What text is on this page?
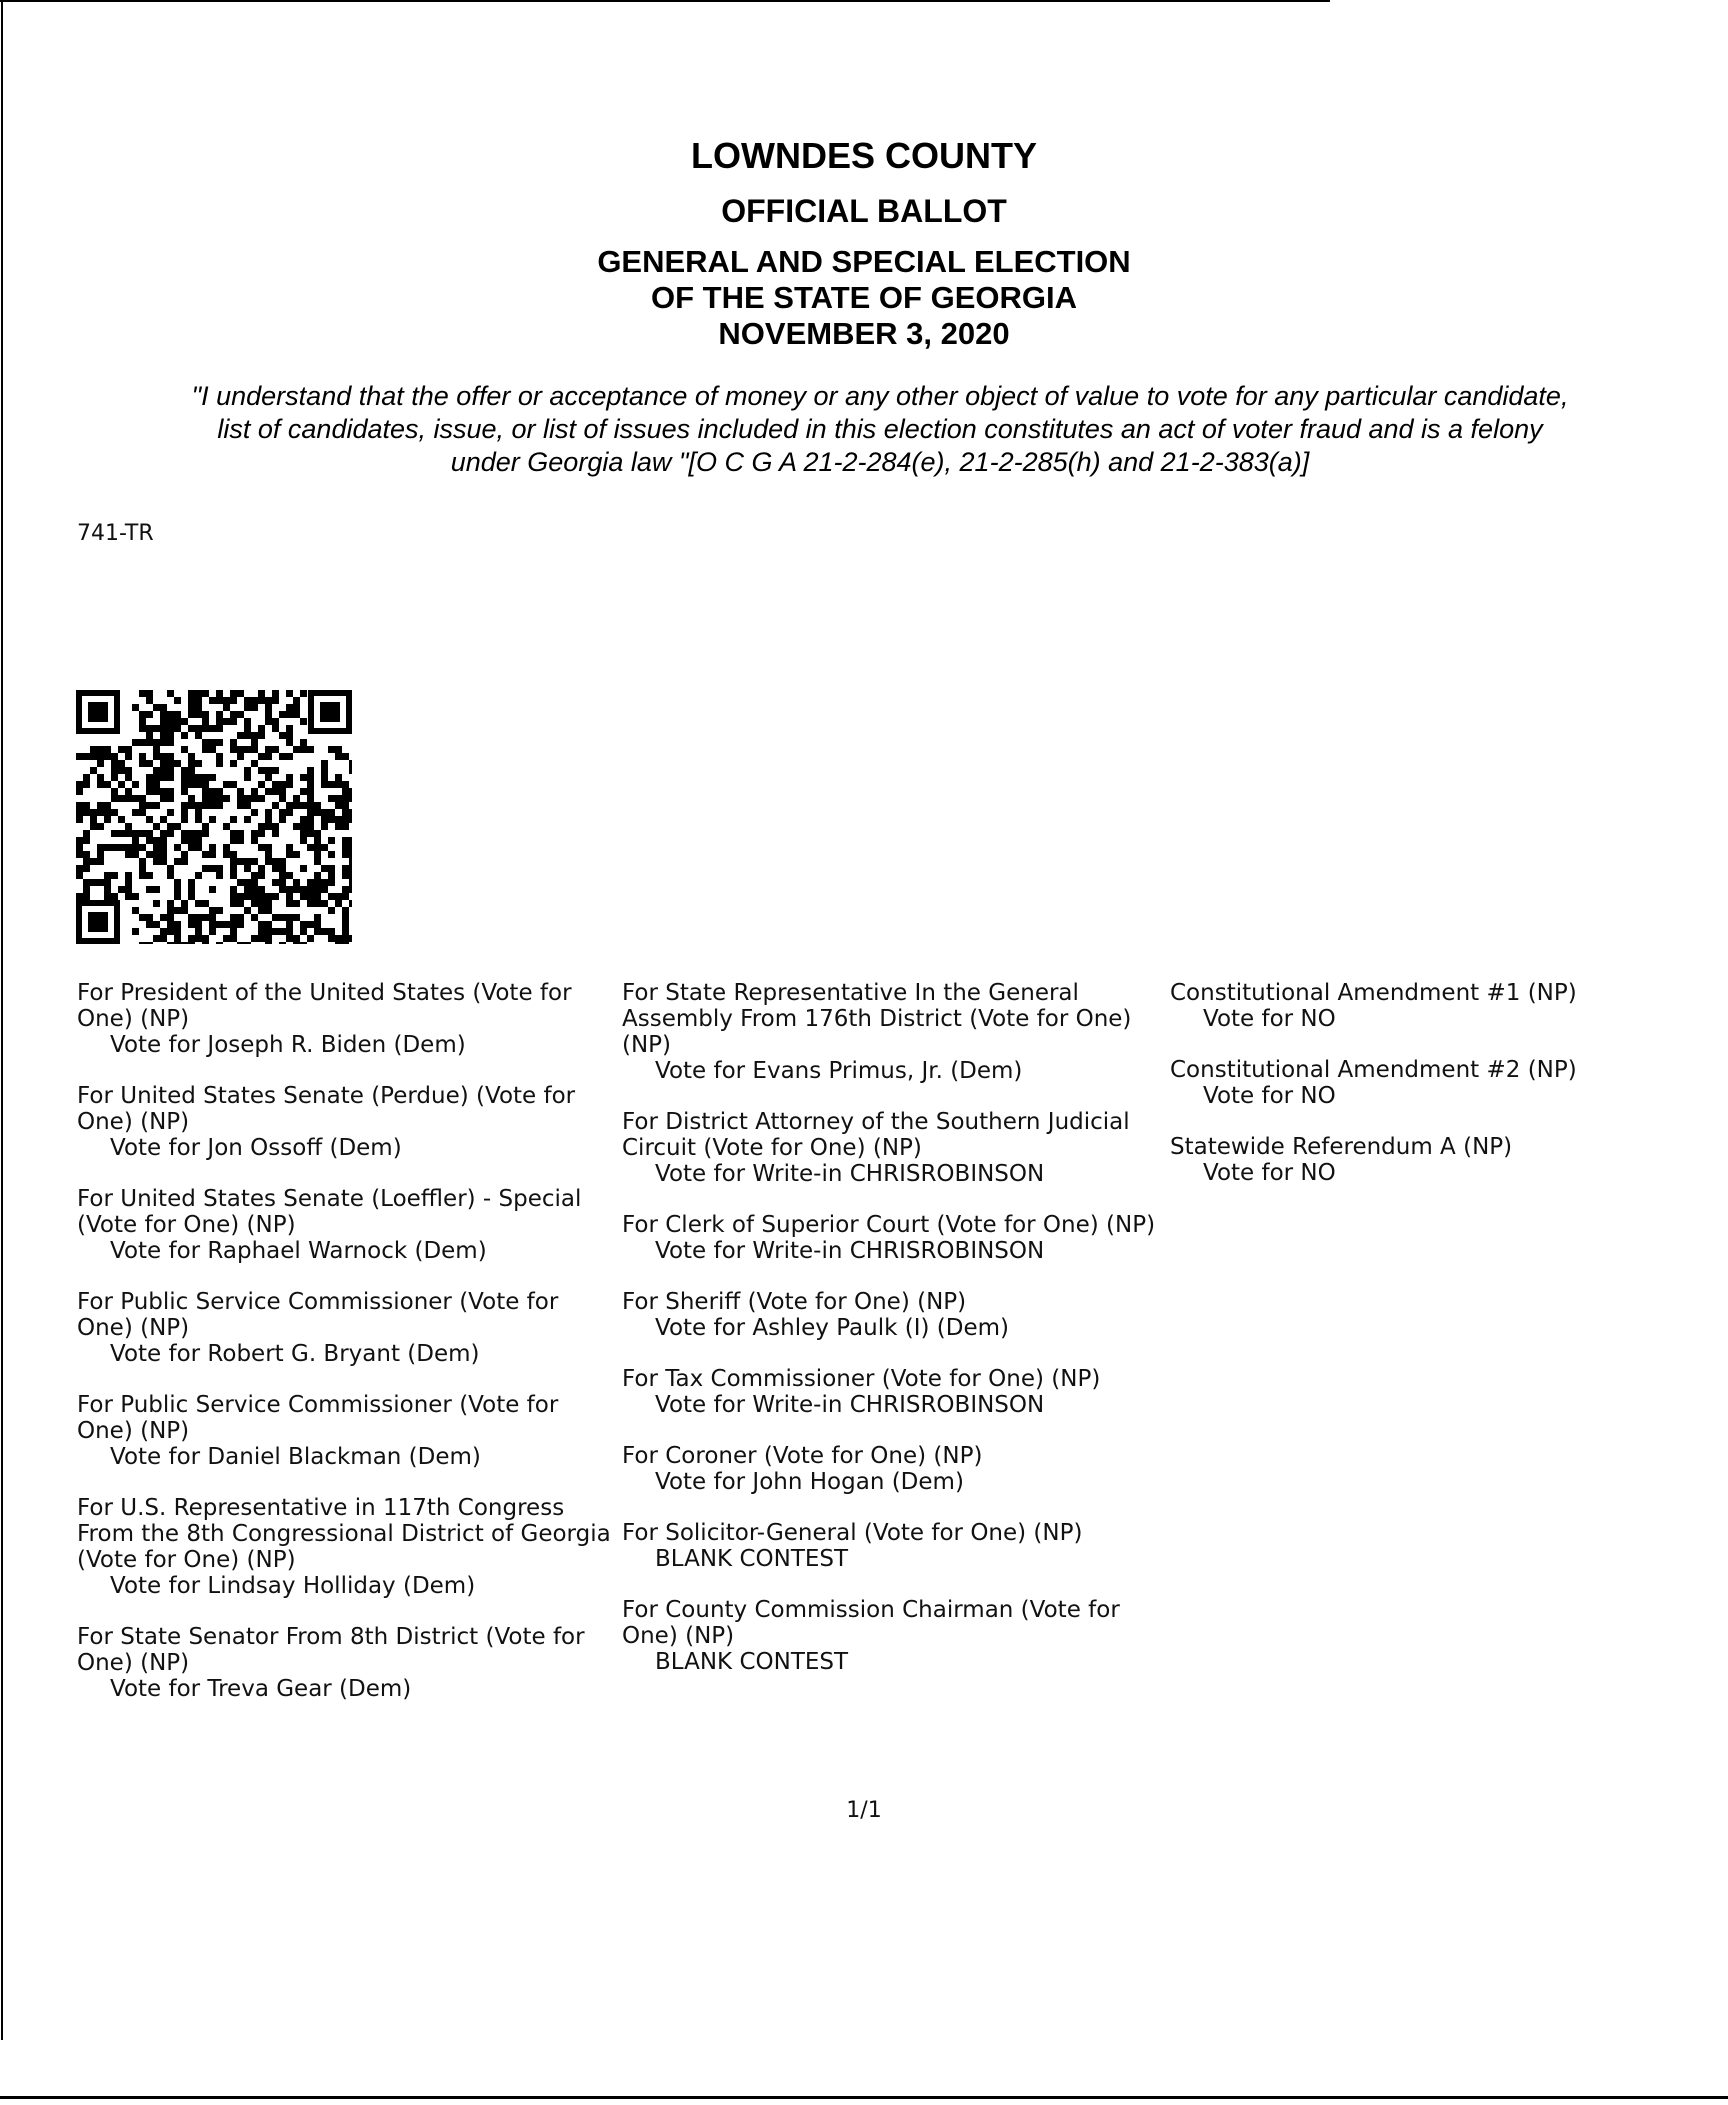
LOWNDES COUNTY
OFFICIAL BALLOT
GENERAL AND SPECIAL ELECTION
OF THE STATE OF GEORGIA
NOVEMBER 3, 2020
"I understand that the offer or acceptance of money or any other object of value to vote for any particular candidate,
list of candidates, issue, or list of issues included in this election constitutes an act of voter fraud and is a felony
under Georgia law "[O C G A 21-2-284(e), 21-2-285(h) and 21-2-383(a)]
741-TR
For President of the United States (Vote for One) (NP)
Vote for Joseph R. Biden (Dem)
For United States Senate (Perdue) (Vote for One) (NP)
Vote for Jon Ossoff (Dem)
For United States Senate (Loeffler) - Special (Vote for One) (NP)
Vote for Raphael Warnock (Dem)
For Public Service Commissioner (Vote for One) (NP)
Vote for Robert G. Bryant (Dem)
For Public Service Commissioner (Vote for One) (NP)
Vote for Daniel Blackman (Dem)
For U.S. Representative in 117th Congress From the 8th Congressional District of Georgia (Vote for One) (NP)
Vote for Lindsay Holliday (Dem)
For State Senator From 8th District (Vote for One) (NP)
Vote for Treva Gear (Dem)
For State Representative In the General Assembly From 176th District (Vote for One) (NP)
Vote for Evans Primus, Jr. (Dem)
For District Attorney of the Southern Judicial Circuit (Vote for One) (NP)
Vote for Write-in CHRISROBINSON
For Clerk of Superior Court (Vote for One) (NP)
Vote for Write-in CHRISROBINSON
For Sheriff (Vote for One) (NP)
Vote for Ashley Paulk (I) (Dem)
For Tax Commissioner (Vote for One) (NP)
Vote for Write-in CHRISROBINSON
For Coroner (Vote for One) (NP)
Vote for John Hogan (Dem)
For Solicitor-General (Vote for One) (NP)
BLANK CONTEST
For County Commission Chairman (Vote for One) (NP)
BLANK CONTEST
Constitutional Amendment #1 (NP)
Vote for NO
Constitutional Amendment #2 (NP)
Vote for NO
Statewide Referendum A (NP)
Vote for NO
1/1
